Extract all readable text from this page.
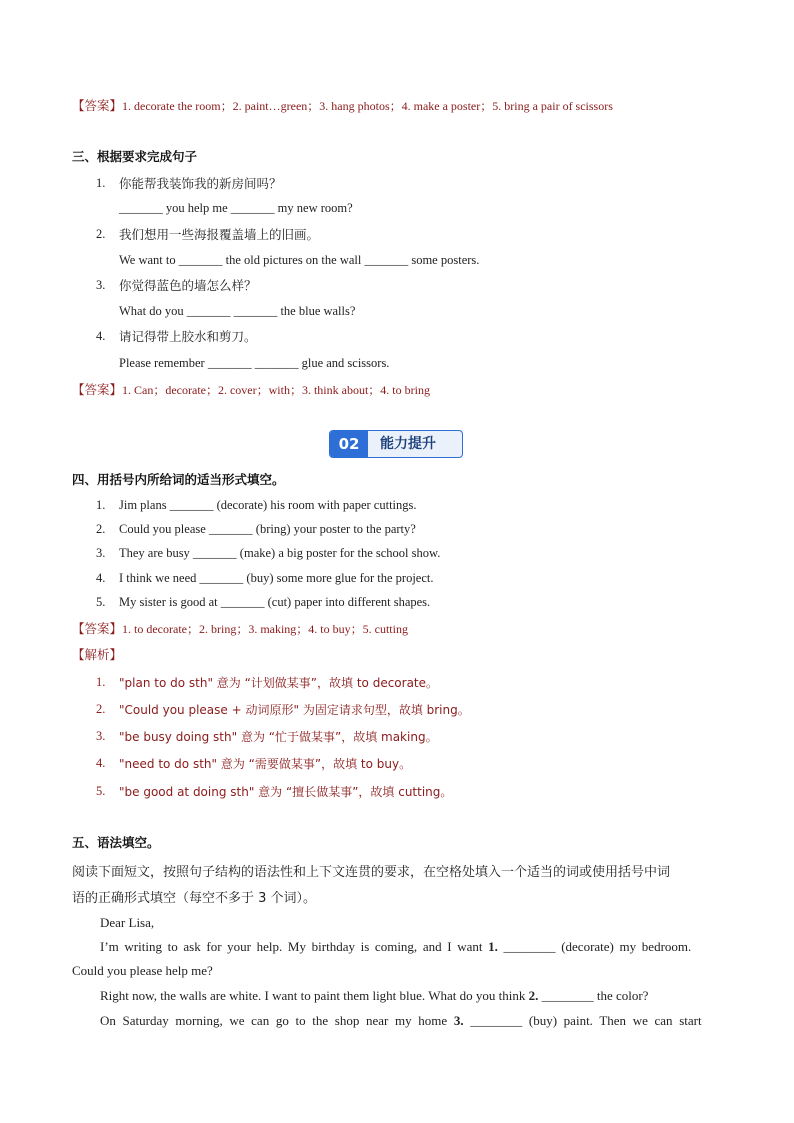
【答案】1. decorate the room；2. paint…green；3. hang photos；4. make a poster；5. bring a pair of scissors
三、根据要求完成句子
1. 你能帮我装饰我的新房间吗？
_______ you help me _______ my new room?
2. 我们想用一些海报覆盖墙上的旧画。
We want to _______ the old pictures on the wall _______ some posters.
3. 你觉得蓝色的墙怎么样？
What do you _______ _______ the blue walls?
4. 请记得带上胶水和剪刀。
Please remember _______ _______ glue and scissors.
【答案】1. Can；decorate；2. cover；with；3. think about；4. to bring
02	能力提升
四、用括号内所给词的适当形式填空。
1. Jim plans _______ (decorate) his room with paper cuttings.
2. Could you please _______ (bring) your poster to the party?
3. They are busy _______ (make) a big poster for the school show.
4. I think we need _______ (buy) some more glue for the project.
5. My sister is good at _______ (cut) paper into different shapes.
【答案】1. to decorate；2. bring；3. making；4. to buy；5. cutting
【解析】
1. "plan to do sth" 意为 “计划做某事”，故填 to decorate。
2. "Could you please + 动词原形" 为固定请求句型，故填 bring。
3. "be busy doing sth" 意为 “忙于做某事”，故填 making。
4. "need to do sth" 意为 “需要做某事”，故填 to buy。
5. "be good at doing sth" 意为 “擅长做某事”，故填 cutting。
五、语法填空。
阅读下面短文，按照句子结构的语法性和上下文连贯的要求，在空格处填入一个适当的词或使用括号中词
语的正确形式填空（每空不多于 3 个词）。
Dear Lisa,
I’m writing to ask for your help. My birthday is coming, and I want 1. ________ (decorate) my bedroom.
Could you please help me?
Right now, the walls are white. I want to paint them light blue. What do you think 2. ________ the color?
On Saturday morning, we can go to the shop near my home 3. ________ (buy) paint. Then we can start
